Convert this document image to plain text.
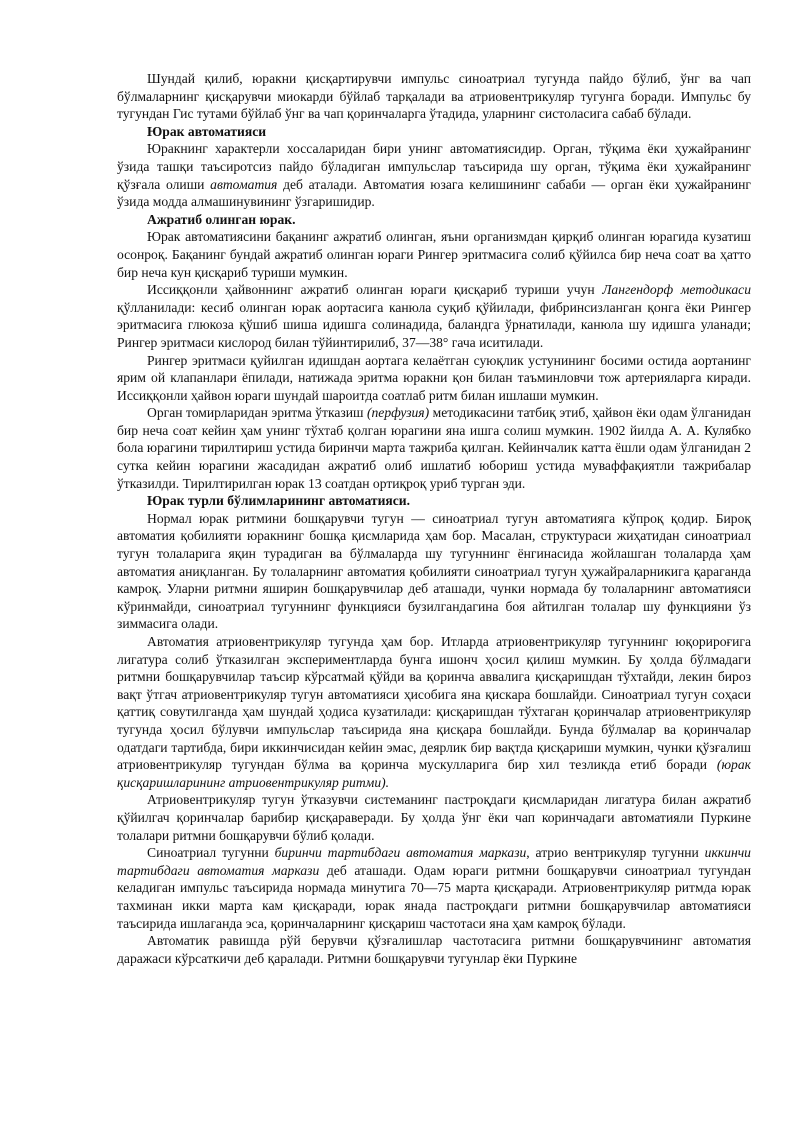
Шундай қилиб, юракни қисқартирувчи импульс синоатриал тугунда пайдо бўлиб, ўнг ва чап бўлмаларнинг қисқарувчи миокарди бўйлаб тарқалади ва атриовентрикуляр тугунга боради. Импульс бу тугундан Гис тутами бўйлаб ўнг ва чап қоринчаларга ўтадида, уларнинг систоласига сабаб бўлади.

Юрак автоматияси

Юракнинг характерли хоссаларидан бири унинг автоматиясидир. Орган, тўқима ёки ҳужайранинг ўзида ташқи таъсиротсиз пайдо бўладиган импульслар таъсирида шу орган, тўқима ёки ҳужайранинг қўзғала олиши автоматия деб аталади. Автоматия юзага келишининг сабаби — орган ёки ҳужайранинг ўзида модда алмашинувининг ўзгаришидир.

Ажратиб олинган юрак.

Юрак автоматиясини бақанинг ажратиб олинган, яъни организмдан қирқиб олинган юрагида кузатиш осонроқ. Бақанинг бундай ажратиб олинган юраги Рингер эритмасига солиб қўйилса бир неча соат ва ҳатто бир неча кун қисқариб туриши мумкин.

Иссиққонли ҳайвоннинг ажратиб олинган юраги қисқариб туриши учун Лангендорф методикаси қўлланилади: кесиб олинган юрак аортасига канюла суқиб қўйилади, фибринсизланган қонга ёки Рингер эритмасига глюкоза қўшиб шиша идишга солинадида, баландга ўрнатилади, канюла шу идишга уланади; Рингер эритмаси кислород билан тўйинтирилиб, 37—38° гача иситилади.

Рингер эритмаси қуйилган идишдан аортага келаётган суюқлик устунининг босими остида аортанинг ярим ой клапанлари ёпилади, натижада эритма юракни қон билан таъминловчи тож артерияларга киради. Иссиққонли ҳайвон юраги шундай шароитда соатлаб ритм билан ишлаши мумкин.

Орган томирларидан эритма ўтказиш (перфузия) методикасини татбиқ этиб, ҳайвон ёки одам ўлганидан бир неча соат кейин ҳам унинг тўхтаб қолган юрагини яна ишга солиш мумкин. 1902 йилда А. А. Кулябко бола юрагини тирилтириш устида биринчи марта тажриба қилган. Кейинчалик катта ёшли одам ўлганидан 2 сутка кейин юрагини жасадидан ажратиб олиб ишлатиб юбориш устида муваффақиятли тажрибалар ўтказилди. Тирилтирилган юрак 13 соатдан ортиқроқ уриб турган эди.

Юрак турли бўлимларининг автоматияси.

Нормал юрак ритмини бошқарувчи тугун — синоатриал тугун автоматияга кўпроқ қодир. Бироқ автоматия қобилияти юракнинг бошқа қисмларида ҳам бор. Масалан, структураси жиҳатидан синоатриал тугун толаларига яқин турадиган ва бўлмаларда шу тугуннинг ёнгинасида жойлашган толаларда ҳам автоматия аниқланган. Бу толаларнинг автоматия қобилияти синоатриал тугун ҳужайраларникига қараганда камроқ. Уларни ритмни яширин бошқарувчилар деб аташади, чунки нормада бу толаларнинг автоматияси кўринмайди, синоатриал тугуннинг функцияси бузилгандагина боя айтилган толалар шу функцияни ўз зиммасига олади.

Автоматия атриовентрикуляр тугунда ҳам бор. Итларда атриовентрикуляр тугуннинг юқорироғига лигатура солиб ўтказилган экспериментларда бунга ишонч ҳосил қилиш мумкин. Бу ҳолда бўлмадаги ритмни бошқарувчилар таъсир кўрсатмай қўйди ва қоринча аввалига қисқаришдан тўхтайди, лекин бироз вақт ўтгач атриовентрикуляр тугун автоматияси ҳисобига яна қискара бошлайди. Синоатриал тугун соҳаси қаттиқ совутилганда ҳам шундай ҳодиса кузатилади: қисқаришдан тўхтаган қоринчалар атриовентрикуляр тугунда ҳосил бўлувчи импульслар таъсирида яна қисқара бошлайди. Бунда бўлмалар ва қоринчалар одатдаги тартибда, бири иккинчисидан кейин эмас, деярлик бир вақтда қисқариши мумкин, чунки қўзғалиш атриовентрикуляр тугундан бўлма ва қоринча мускулларига бир хил тезликда етиб боради (юрак қисқаришларининг атриовентрикуляр ритми).

Атриовентрикуляр тугун ўтказувчи системанинг пастроқдаги қисмларидан лигатура билан ажратиб қўйилгач қоринчалар барибир қисқараверади. Бу ҳолда ўнг ёки чап коринчадаги автоматияли Пуркине толалари ритмни бошқарувчи бўлиб қолади.

Синоатриал тугунни биринчи тартибдаги автоматия маркази, атрио вентрикуляр тугунни иккинчи тартибдаги автоматия маркази деб аташади. Одам юраги ритмни бошқарувчи синоатриал тугундан келадиган импульс таъсирида нормада минутига 70—75 марта қисқаради. Атриовентрикуляр ритмда юрак тахминан икки марта кам қисқаради, юрак янада пастроқдаги ритмни бошқарувчилар автоматияси таъсирида ишлаганда эса, қоринчаларнинг қисқариш частотаси яна ҳам камроқ бўлади.

Автоматик равишда рўй берувчи қўзғалишлар частотасига ритмни бошқарувчининг автоматия даражаси кўрсаткичи деб қаралади. Ритмни бошқарувчи тугунлар ёки Пуркине
